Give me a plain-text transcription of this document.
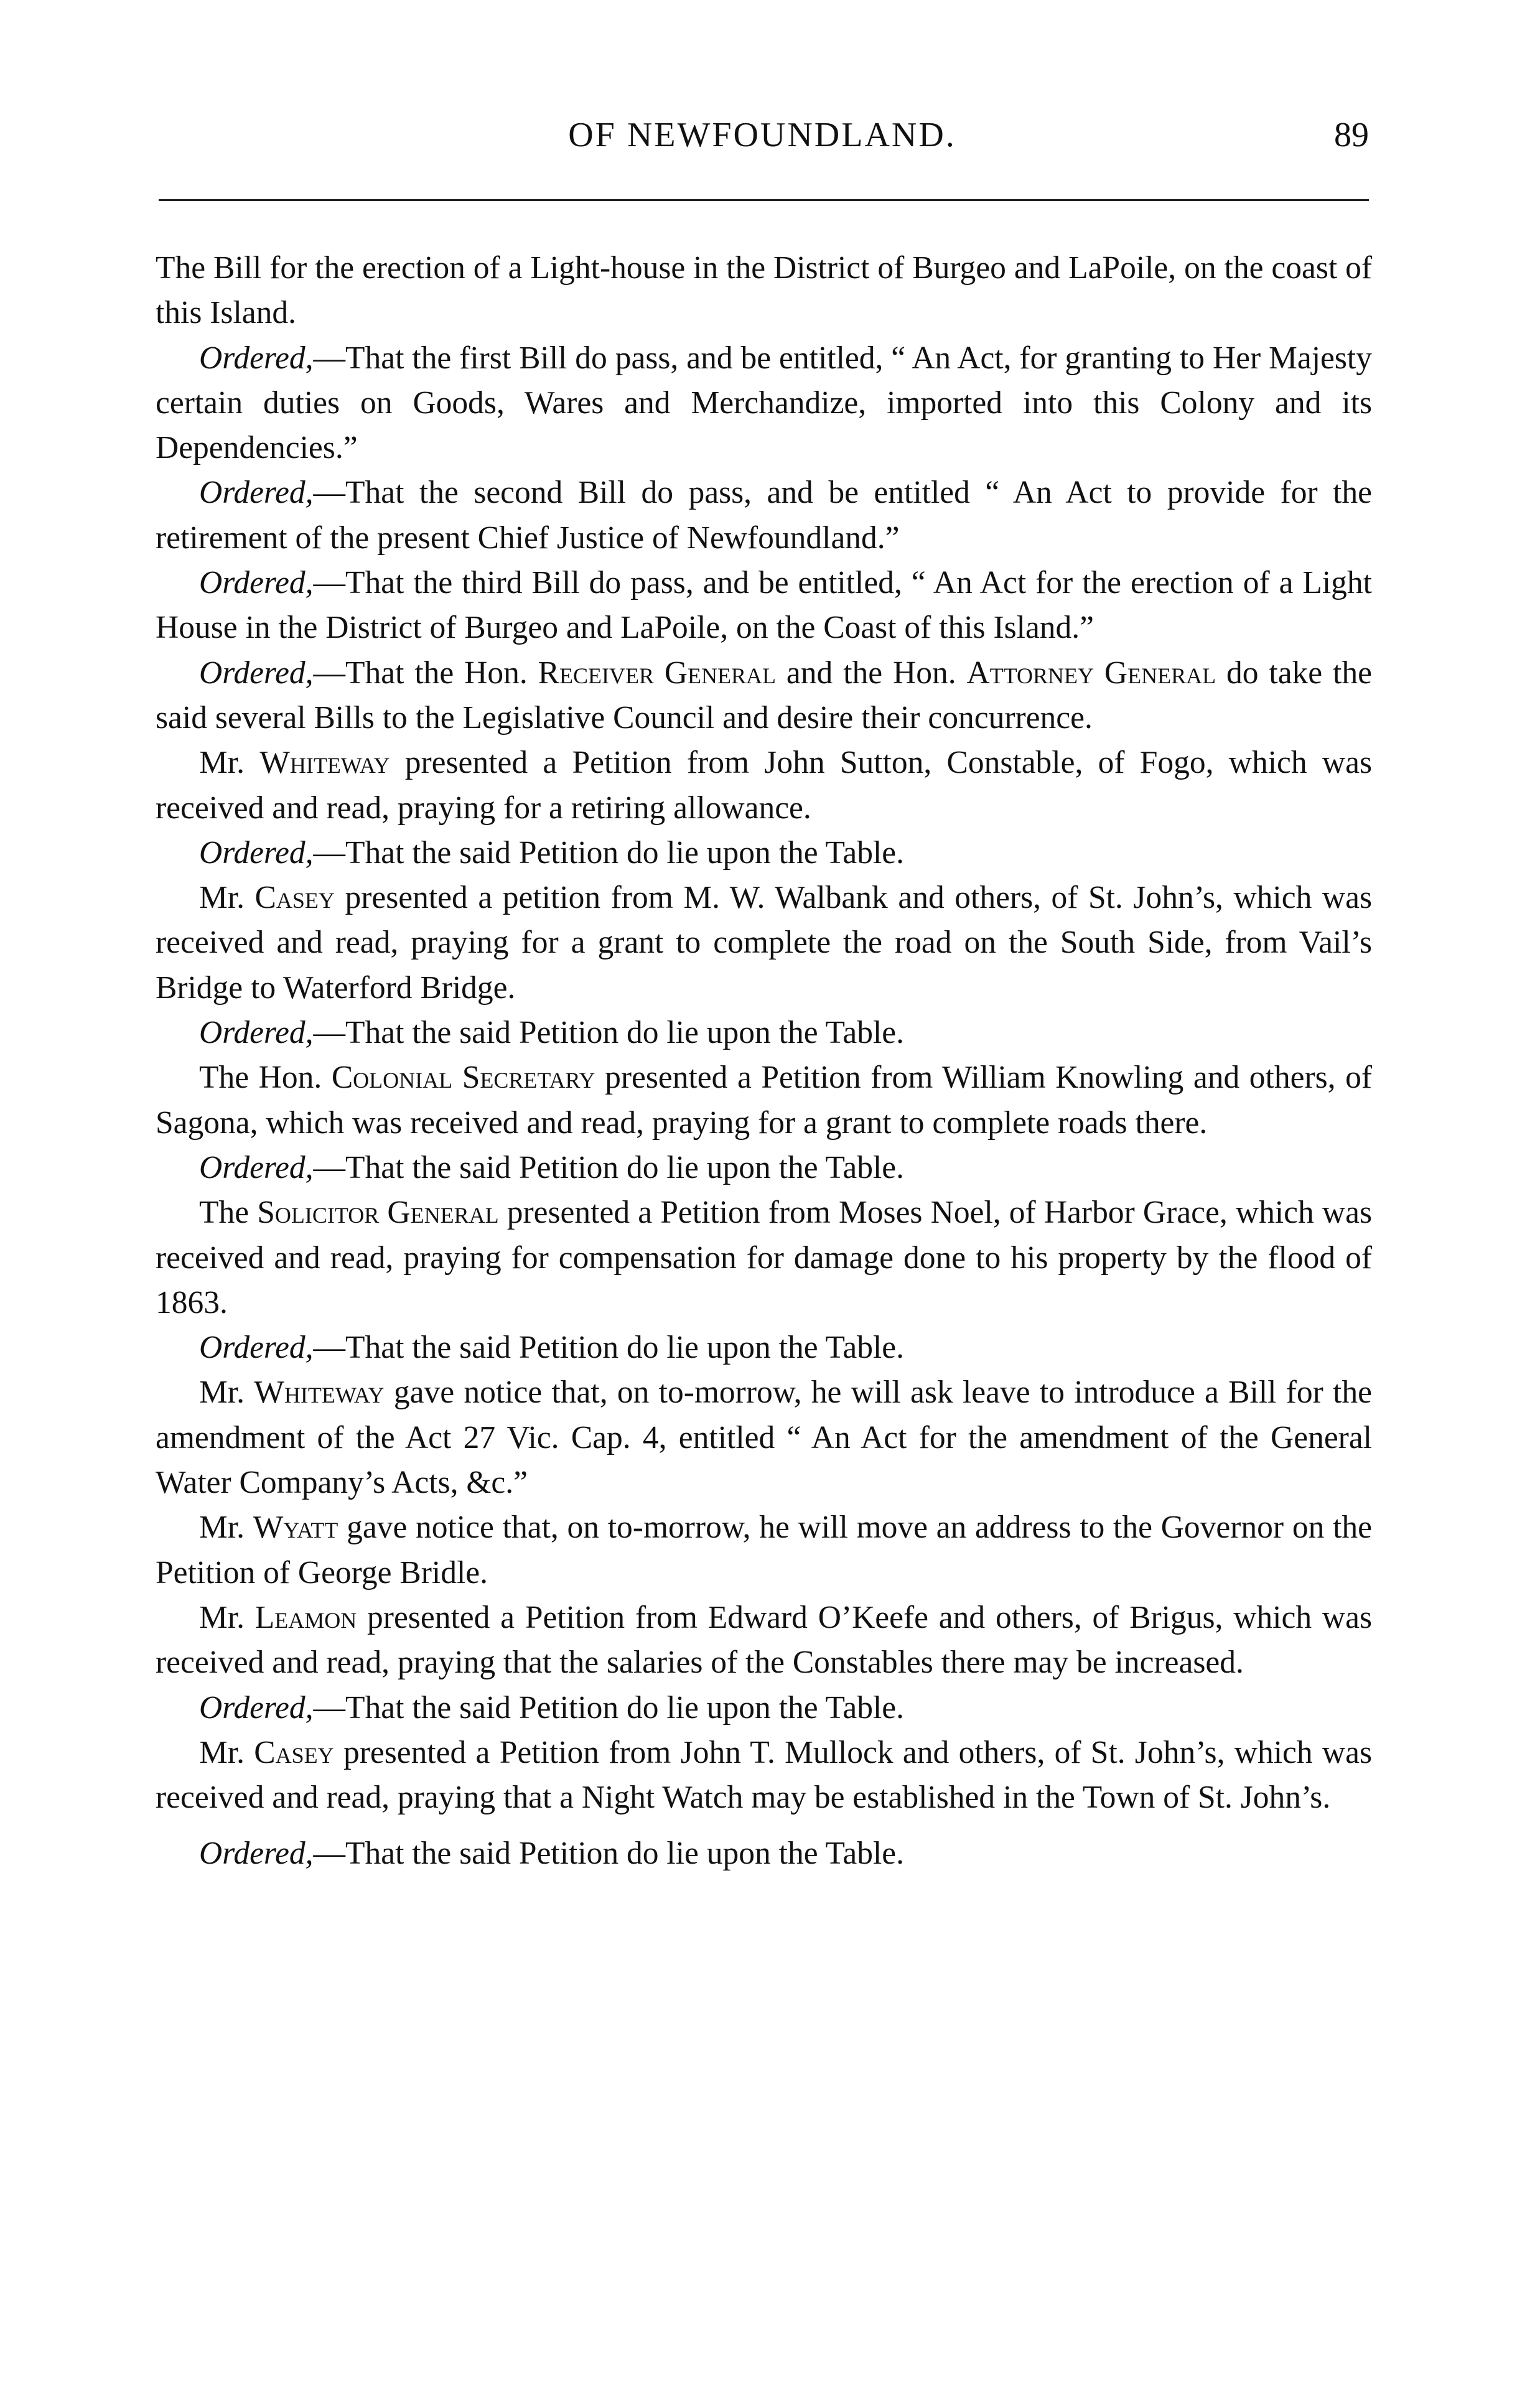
OF NEWFOUNDLAND.	89

The Bill for the erection of a Light-house in the District of Burgeo and LaPoile, on the coast of this Island.

Ordered,—That the first Bill do pass, and be entitled, “ An Act, for granting to Her Majesty certain duties on Goods, Wares and Merchandize, imported into this Colony and its Dependencies.”

Ordered,—That the second Bill do pass, and be entitled “ An Act to provide for the retirement of the present Chief Justice of Newfoundland.”

Ordered,—That the third Bill do pass, and be entitled, “ An Act for the erection of a Light House in the District of Burgeo and LaPoile, on the Coast of this Island.”

Ordered,—That the Hon. Receiver General and the Hon. Attorney General do take the said several Bills to the Legislative Council and desire their concurrence.

Mr. Whiteway presented a Petition from John Sutton, Constable, of Fogo, which was received and read, praying for a retiring allowance.

Ordered,—That the said Petition do lie upon the Table.

Mr. Casey presented a petition from M. W. Walbank and others, of St. John’s, which was received and read, praying for a grant to complete the road on the South Side, from Vail’s Bridge to Waterford Bridge.

Ordered,—That the said Petition do lie upon the Table.

The Hon. Colonial Secretary presented a Petition from William Knowling and others, of Sagona, which was received and read, praying for a grant to complete roads there.

Ordered,—That the said Petition do lie upon the Table.

The Solicitor General presented a Petition from Moses Noel, of Harbor Grace, which was received and read, praying for compensation for damage done to his property by the flood of 1863.

Ordered,—That the said Petition do lie upon the Table.

Mr. Whiteway gave notice that, on to-morrow, he will ask leave to introduce a Bill for the amendment of the Act 27 Vic. Cap. 4, entitled “ An Act for the amendment of the General Water Company’s Acts, &c.”

Mr. Wyatt gave notice that, on to-morrow, he will move an address to the Governor on the Petition of George Bridle.

Mr. Leamon presented a Petition from Edward O’Keefe and others, of Brigus, which was received and read, praying that the salaries of the Constables there may be increased.

Ordered,—That the said Petition do lie upon the Table.

Mr. Casey presented a Petition from John T. Mullock and others, of St. John’s, which was received and read, praying that a Night Watch may be established in the Town of St. John’s.

Ordered,—That the said Petition do lie upon the Table.
